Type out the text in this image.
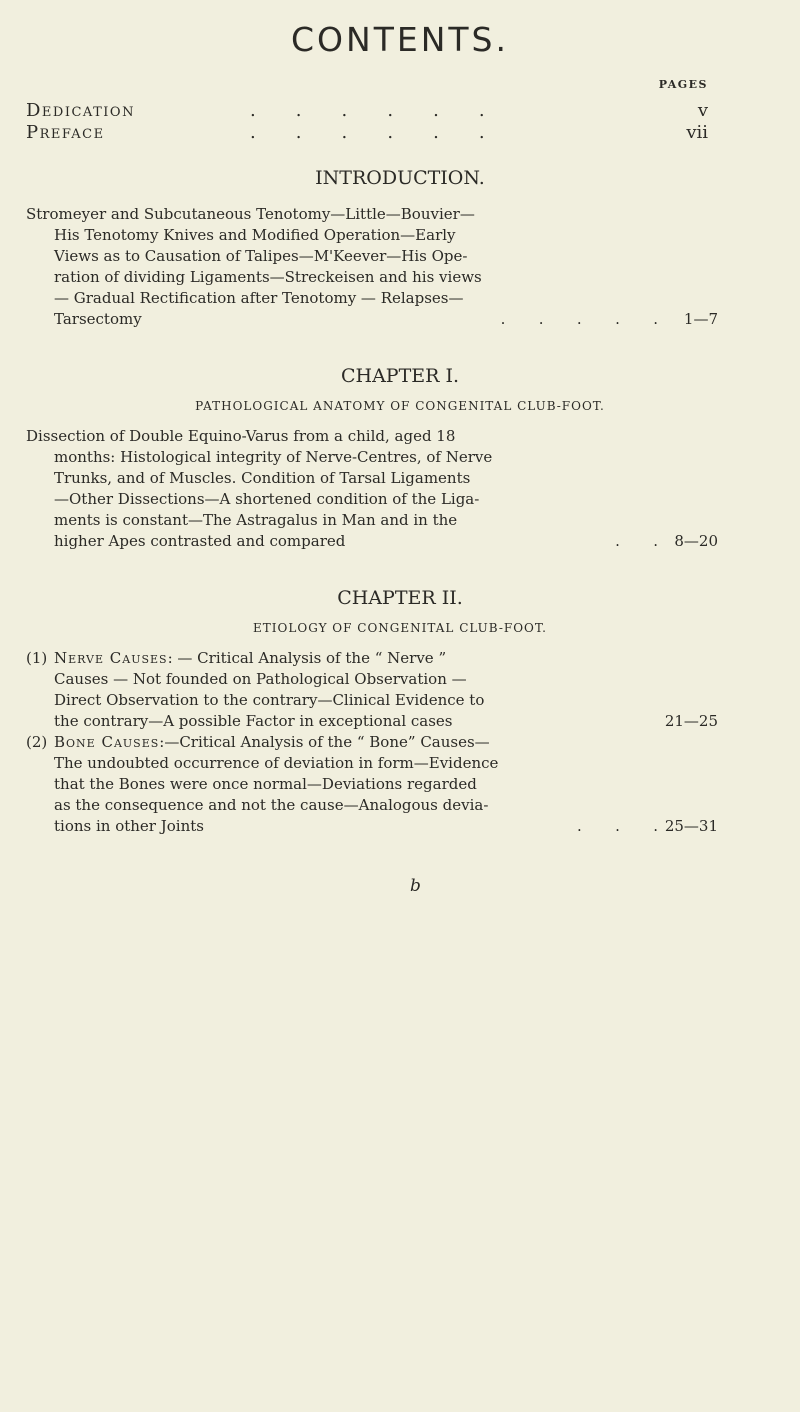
CONTENTS.
PAGES
Dedication	.       .       .       .       .       .	v
Preface	.       .       .       .       .       .	vii
INTRODUCTION.
Stromeyer and Subcutaneous Tenotomy—Little—Bouvier—
His Tenotomy Knives and Modified Operation—Early
Views as to Causation of Talipes—M'Keever—His Ope-
ration of dividing Ligaments—Streckeisen and his views
— Gradual Rectification after Tenotomy — Relapses—
Tarsectomy	.       .       .       .       . 1—7
CHAPTER I.
PATHOLOGICAL ANATOMY OF CONGENITAL CLUB-FOOT.
Dissection of Double Equino-Varus from a child, aged 18
months: Histological integrity of Nerve-Centres, of Nerve
Trunks, and of Muscles. Condition of Tarsal Ligaments
—Other Dissections—A shortened condition of the Liga-
ments is constant—The Astragalus in Man and in the
higher Apes contrasted and compared	.       . 8—20
CHAPTER II.
ETIOLOGY OF CONGENITAL CLUB-FOOT.
(1) Nerve Causes: — Critical Analysis of the “ Nerve ”
Causes — Not founded on Pathological Observation —
Direct Observation to the contrary—Clinical Evidence to
the contrary—A possible Factor in exceptional cases	21—25
(2) Bone Causes:—Critical Analysis of the “ Bone” Causes—
The undoubted occurrence of deviation in form—Evidence
that the Bones were once normal—Deviations regarded
as the consequence and not the cause—Analogous devia-
tions in other Joints	.       .       . 25—31
b
